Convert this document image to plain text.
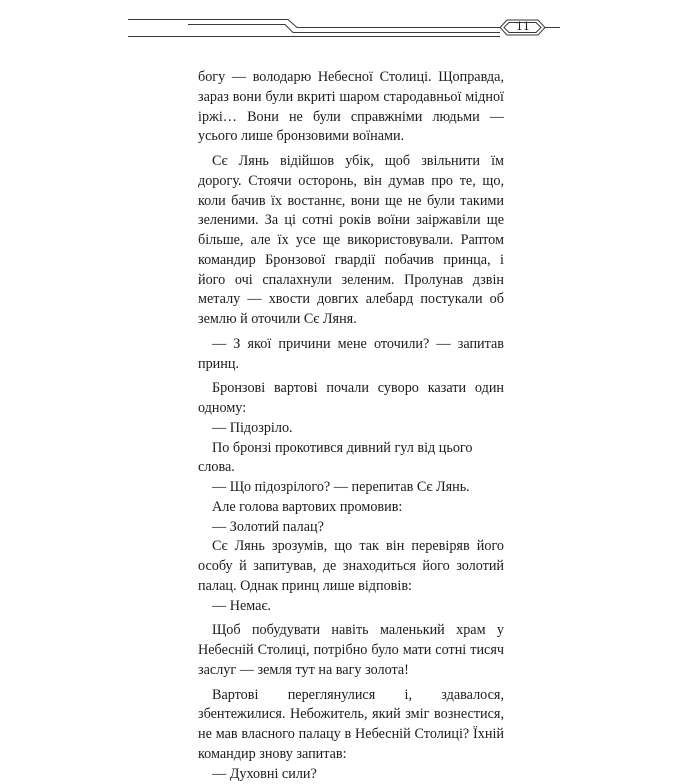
11

богу — володарю Небесної Столиці. Щоправда, зараз вони були вкриті шаром стародавньої мідної іржі… Вони не були справжніми людьми — усього лише бронзовими воїнами.

Сє Лянь відійшов убік, щоб звільнити їм дорогу. Стоячи осторонь, він думав про те, що, коли бачив їх востаннє, вони ще не були такими зеленими. За ці сотні років воїни заіржавіли ще більше, але їх усе ще використовували. Раптом командир Бронзової гвардії побачив принца, і його очі спалахнули зеленим. Пролунав дзвін металу — хвости довгих алебард постукали об землю й оточили Сє Ляня.

— З якої причини мене оточили? — запитав принц.

Бронзові вартові почали суворо казати один одному:

— Підозріло.

По бронзі прокотився дивний гул від цього слова.

— Що підозрілого? — перепитав Сє Лянь.

Але голова вартових промовив:

— Золотий палац?

Сє Лянь зрозумів, що так він перевіряв його особу й запитував, де знаходиться його золотий палац. Однак принц лише відповів:

— Немає.

Щоб побудувати навіть маленький храм у Небесній Столиці, потрібно було мати сотні тисяч заслуг — земля тут на вагу золота!

Вартові переглянулися і, здавалося, збентежилися. Небожитель, який зміг вознестися, не мав власного палацу в Небесній Столиці? Їхній командир знову запитав:

— Духовні сили?
